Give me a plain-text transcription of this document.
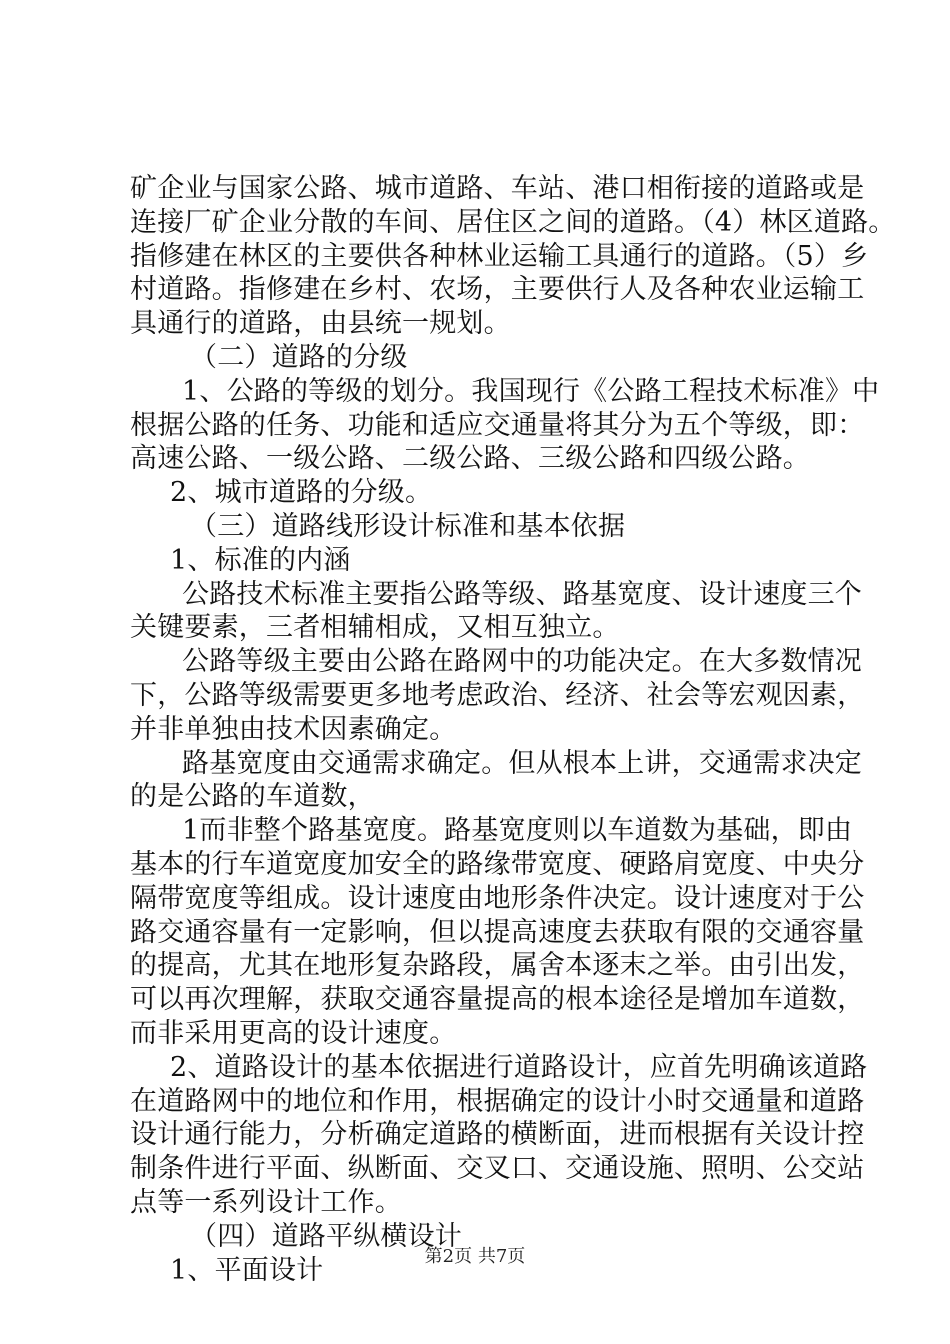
矿企业与国家公路、城市道路、车站、港口相衔接的道路或是
连接厂矿企业分散的车间、居住区之间的道路。（4）林区道路。
指修建在林区的主要供各种林业运输工具通行的道路。（5）乡
村道路。指修建在乡村、农场，主要供行人及各种农业运输工
具通行的道路，由县统一规划。
（二）道路的分级
1、公路的等级的划分。我国现行《公路工程技术标准》中
根据公路的任务、功能和适应交通量将其分为五个等级，即：
高速公路、一级公路、二级公路、三级公路和四级公路。
2、城市道路的分级。
（三）道路线形设计标准和基本依据
1、标准的内涵
公路技术标准主要指公路等级、路基宽度、设计速度三个
关键要素，三者相辅相成，又相互独立。
公路等级主要由公路在路网中的功能决定。在大多数情况
下，公路等级需要更多地考虑政治、经济、社会等宏观因素，
并非单独由技术因素确定。
路基宽度由交通需求确定。但从根本上讲，交通需求决定
的是公路的车道数，
1而非整个路基宽度。路基宽度则以车道数为基础，即由
基本的行车道宽度加安全的路缘带宽度、硬路肩宽度、中央分
隔带宽度等组成。设计速度由地形条件决定。设计速度对于公
路交通容量有一定影响，但以提高速度去获取有限的交通容量
的提高，尤其在地形复杂路段，属舍本逐末之举。由引出发，
可以再次理解，获取交通容量提高的根本途径是增加车道数，
而非采用更高的设计速度。
2、道路设计的基本依据进行道路设计，应首先明确该道路
在道路网中的地位和作用，根据确定的设计小时交通量和道路
设计通行能力，分析确定道路的横断面，进而根据有关设计控
制条件进行平面、纵断面、交叉口、交通设施、照明、公交站
点等一系列设计工作。
（四）道路平纵横设计
1、平面设计	第2页 共7页
